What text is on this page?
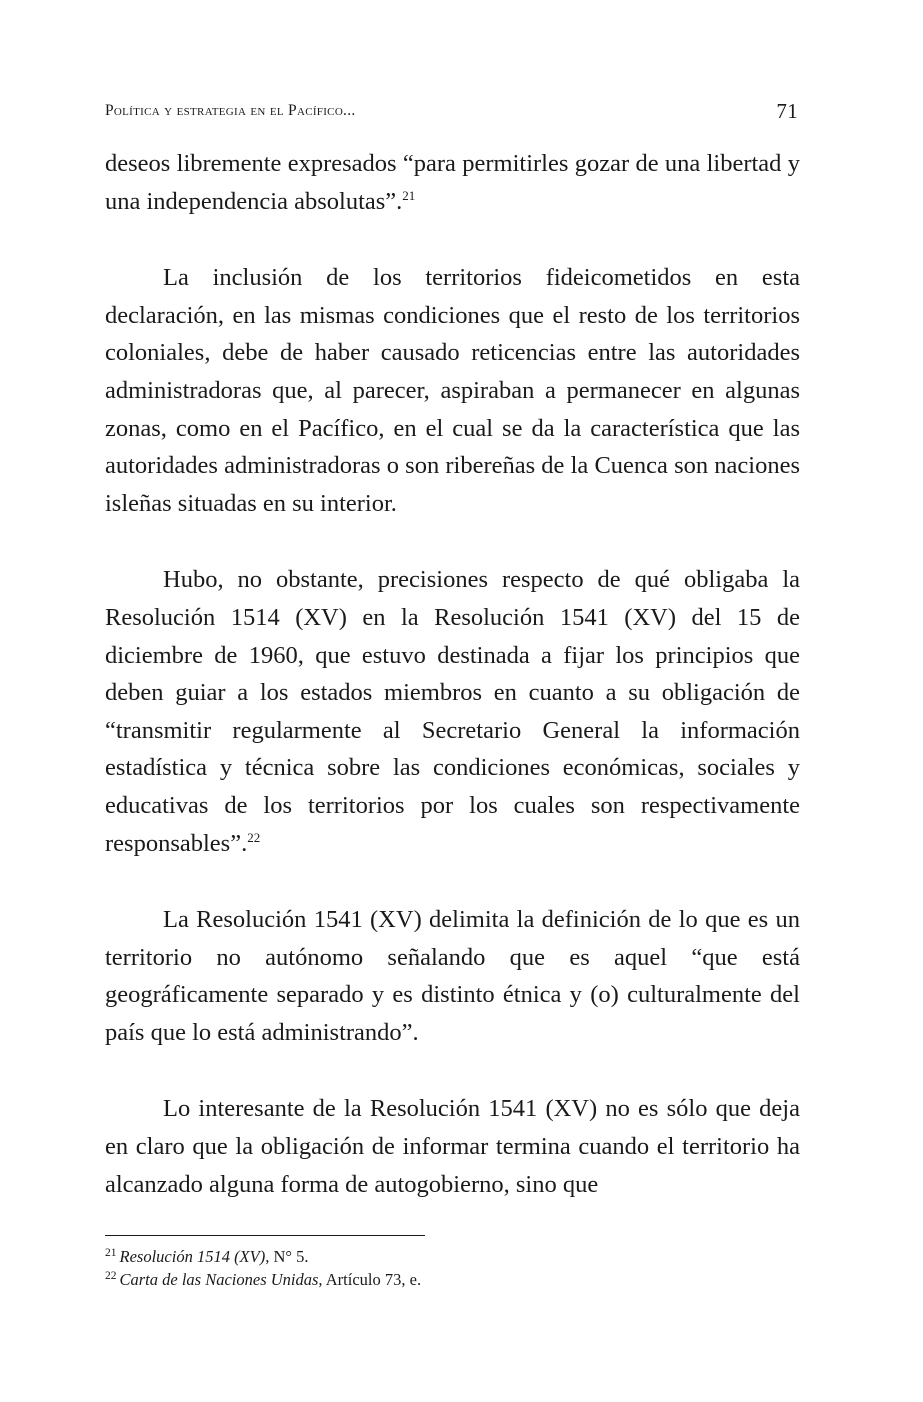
Política y estrategia en el Pacífico...	71

deseos libremente expresados “para permitirles gozar de una libertad y una independencia absolutas”.$^{21}$

La inclusión de los territorios fideicometidos en esta declaración, en las mismas condiciones que el resto de los territorios coloniales, debe de haber causado reticencias entre las autoridades administradoras que, al parecer, aspiraban a permanecer en algunas zonas, como en el Pacífico, en el cual se da la característica que las autoridades administradoras o son ribereñas de la Cuenca son naciones isleñas situadas en su interior.

Hubo, no obstante, precisiones respecto de qué obligaba la Resolución 1514 (XV) en la Resolución 1541 (XV) del 15 de diciembre de 1960, que estuvo destinada a fijar los principios que deben guiar a los estados miembros en cuanto a su obligación de “transmitir regularmente al Secretario General la información estadística y técnica sobre las condiciones económicas, sociales y educativas de los territorios por los cuales son respectivamente responsables”.$^{22}$

La Resolución 1541 (XV) delimita la definición de lo que es un territorio no autónomo señalando que es aquel “que está geográficamente separado y es distinto étnica y (o) culturalmente del país que lo está administrando”.

Lo interesante de la Resolución 1541 (XV) no es sólo que deja en claro que la obligación de informar termina cuando el territorio ha alcanzado alguna forma de autogobierno, sino que

$^{21}$ Resolución 1514 (XV), N° 5.
$^{22}$ Carta de las Naciones Unidas, Artículo 73, e.
